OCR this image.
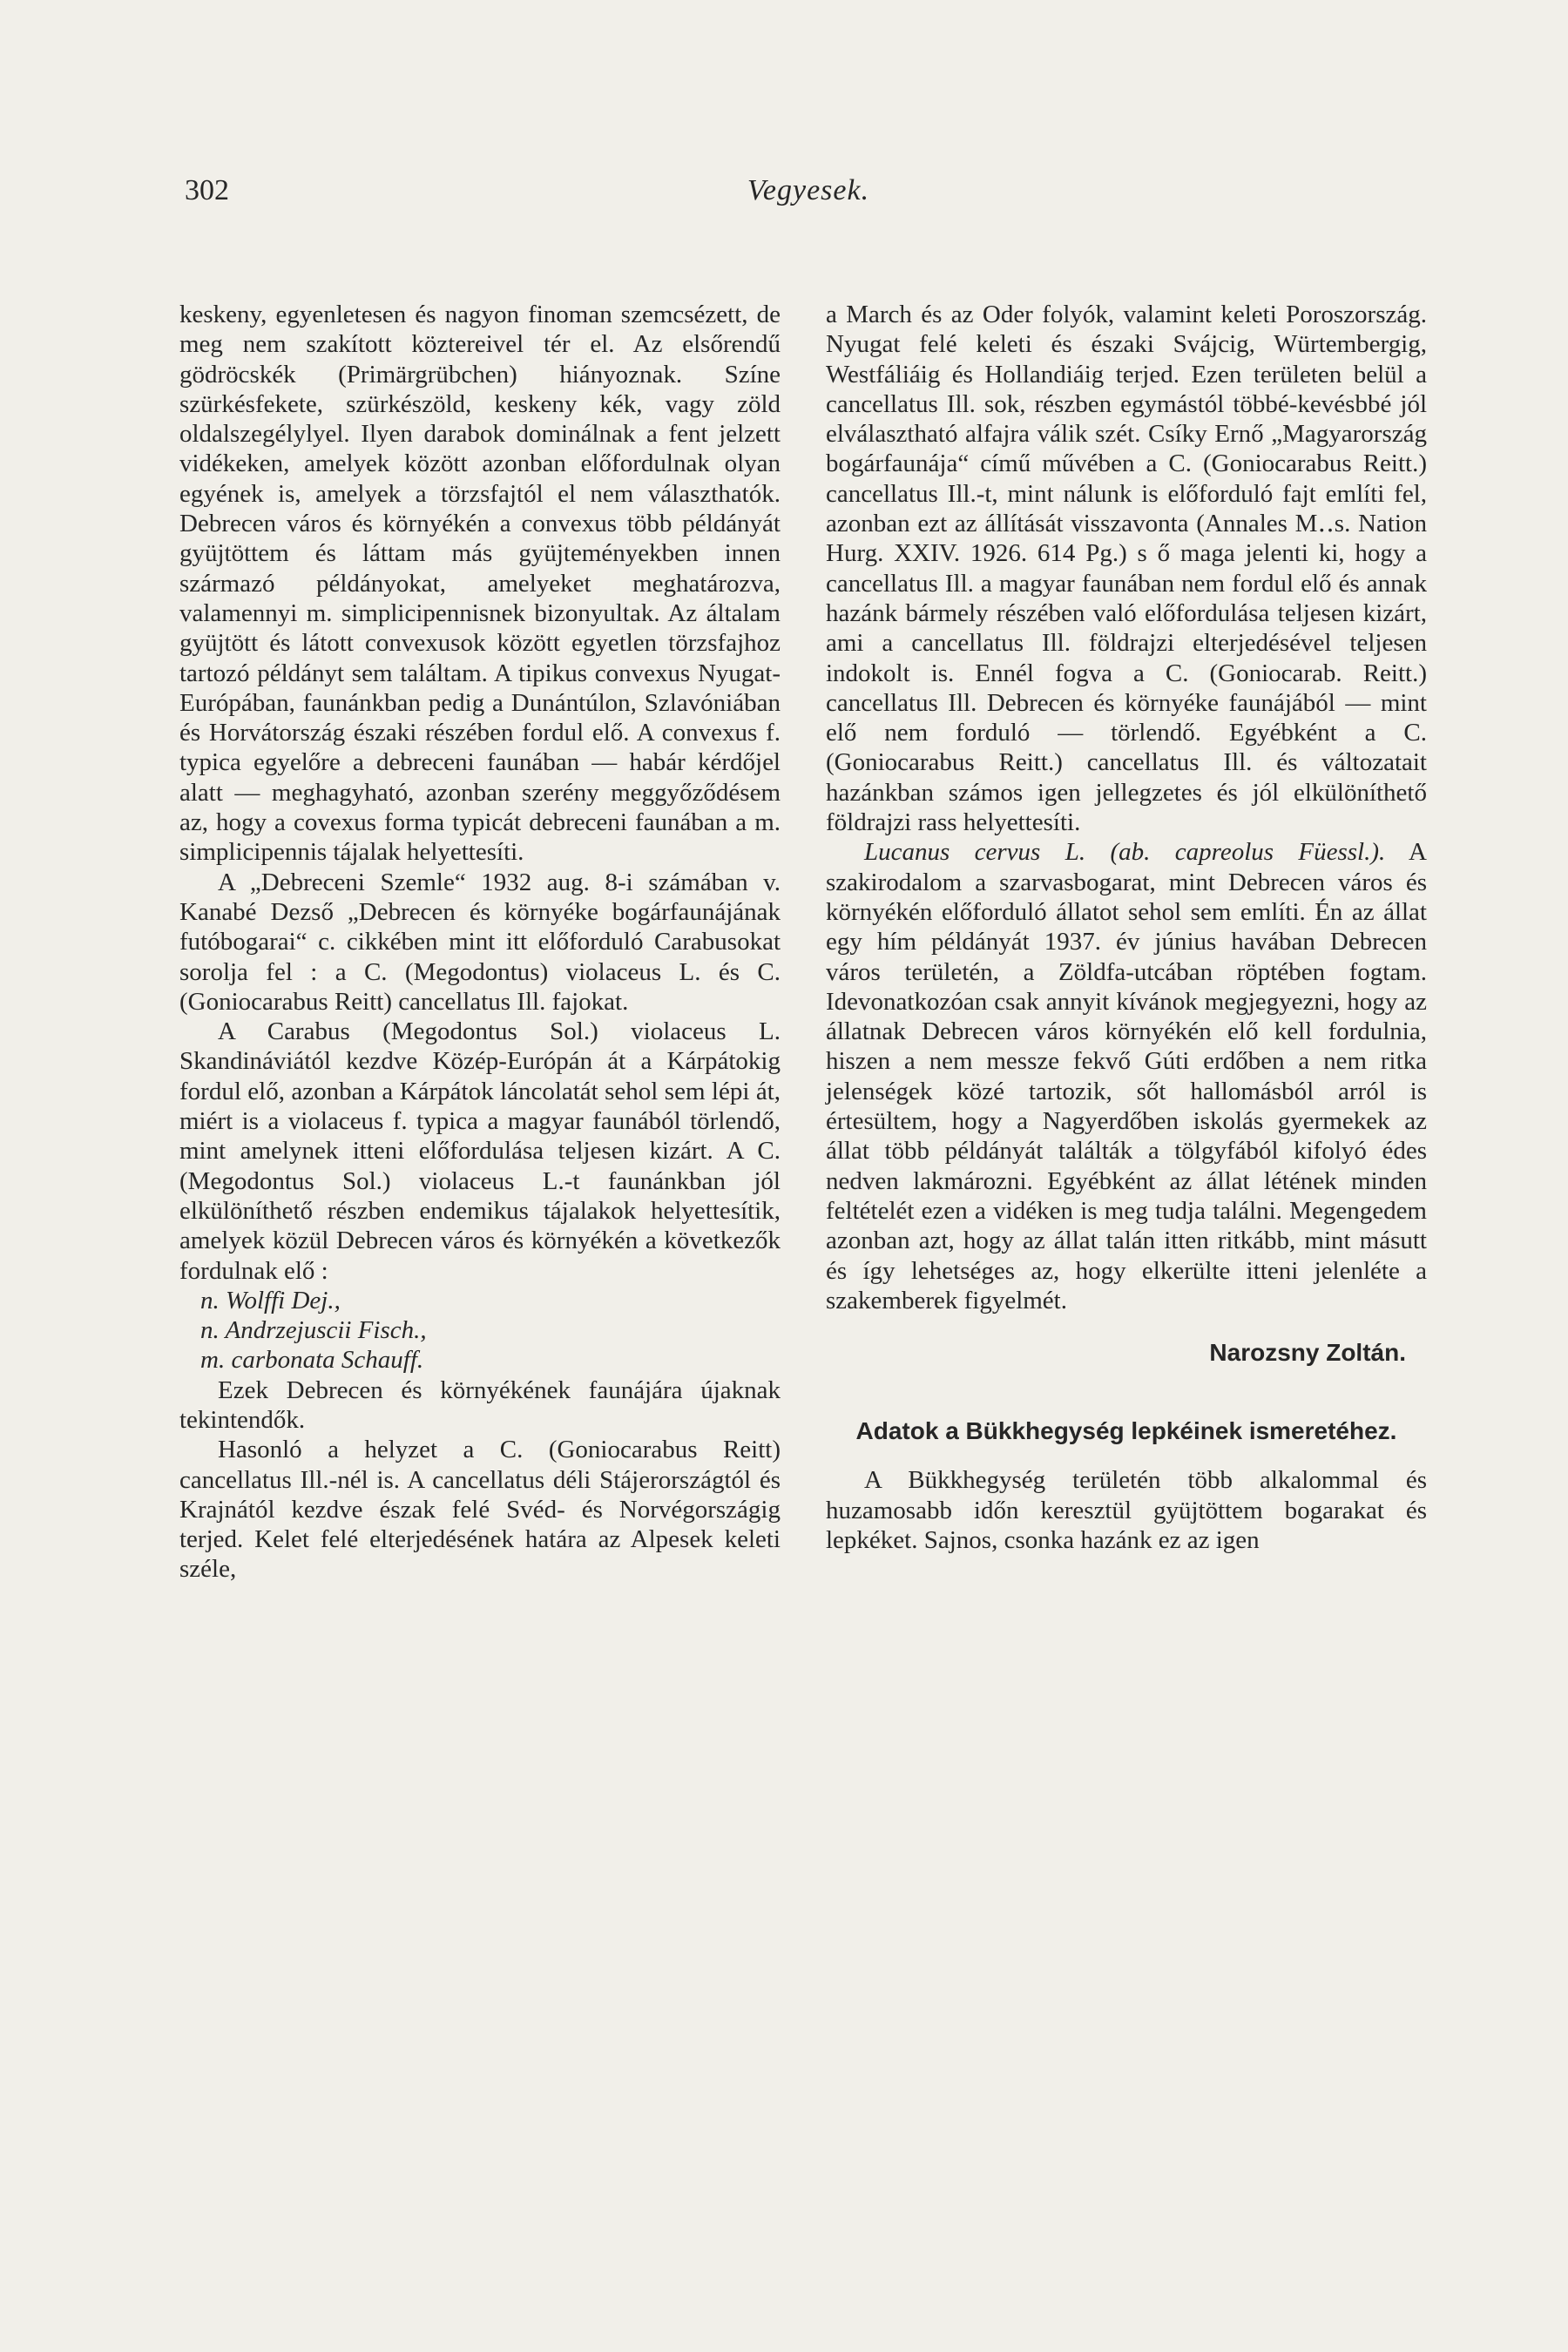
302	Vegyesek.

keskeny, egyenletesen és nagyon finoman szemcsézett, de meg nem szakított köztereivel tér el. Az elsőrendű gödröcskék (Primärgrübchen) hiányoznak. Színe szürkésfekete, szürkészöld, keskeny kék, vagy zöld oldalszegélylyel. Ilyen darabok dominálnak a fent jelzett vidékeken, amelyek között azonban előfordulnak olyan egyének is, amelyek a törzsfajtól el nem választhatók. Debrecen város és környékén a convexus több példányát gyüjtöttem és láttam más gyüjteményekben innen származó példányokat, amelyeket meghatározva, valamennyi m. simplicipennisnek bizonyultak. Az általam gyüjtött és látott convexusok között egyetlen törzsfajhoz tartozó példányt sem találtam. A tipikus convexus Nyugat-Európában, faunánkban pedig a Dunántúlon, Szlavóniában és Horvátország északi részében fordul elő. A convexus f. typica egyelőre a debreceni faunában — habár kérdőjel alatt — meghagyható, azonban szerény meggyőződésem az, hogy a covexus forma typicát debreceni faunában a m. simplicipennis tájalak helyettesíti.

A „Debreceni Szemle“ 1932 aug. 8-i számában v. Kanabé Dezső „Debrecen és környéke bogárfaunájának futóbogarai“ c. cikkében mint itt előforduló Carabusokat sorolja fel : a C. (Megodontus) violaceus L. és C. (Goniocarabus Reitt) cancellatus Ill. fajokat.

A Carabus (Megodontus Sol.) violaceus L. Skandináviától kezdve Közép-Európán át a Kárpátokig fordul elő, azonban a Kárpátok láncolatát sehol sem lépi át, miért is a violaceus f. typica a magyar faunából törlendő, mint amelynek itteni előfordulása teljesen kizárt. A C. (Megodontus Sol.) violaceus L.-t faunánkban jól elkülöníthető részben endemikus tájalakok helyettesítik, amelyek közül Debrecen város és környékén a következők fordulnak elő :

n. Wolffi Dej.,

n. Andrzejuscii Fisch.,

m. carbonata Schauff.

Ezek Debrecen és környékének faunájára újaknak tekintendők.

Hasonló a helyzet a C. (Goniocarabus Reitt) cancellatus Ill.-nél is. A cancellatus déli Stájerországtól és Krajnától kezdve észak felé Svéd- és Norvégországig terjed. Kelet felé elterjedésének határa az Alpesek keleti széle,

a March és az Oder folyók, valamint keleti Poroszország. Nyugat felé keleti és északi Svájcig, Würtembergig, Westfáliáig és Hollandiáig terjed. Ezen területen belül a cancellatus Ill. sok, részben egymástól többé-kevésbbé jól elválasztható alfajra válik szét. Csíky Ernő „Magyarország bogárfaunája“ című művében a C. (Goniocarabus Reitt.) cancellatus Ill.-t, mint nálunk is előforduló fajt említi fel, azonban ezt az állítását visszavonta (Annales M‥s. Nation Hurg. XXIV. 1926. 614 Pg.) s ő maga jelenti ki, hogy a cancellatus Ill. a magyar faunában nem fordul elő és annak hazánk bármely részében való előfordulása teljesen kizárt, ami a cancellatus Ill. földrajzi elterjedésével teljesen indokolt is. Ennél fogva a C. (Goniocarab. Reitt.) cancellatus Ill. Debrecen és környéke faunájából — mint elő nem forduló — törlendő. Egyébként a C. (Goniocarabus Reitt.) cancellatus Ill. és változatait hazánkban számos igen jellegzetes és jól elkülöníthető földrajzi rass helyettesíti.

Lucanus cervus L. (ab. capreolus Füessl.). A szakirodalom a szarvasbogarat, mint Debrecen város és környékén előforduló állatot sehol sem említi. Én az állat egy hím példányát 1937. év június havában Debrecen város területén, a Zöldfa-utcában röptében fogtam. Idevonatkozóan csak annyit kívánok megjegyezni, hogy az állatnak Debrecen város környékén elő kell fordulnia, hiszen a nem messze fekvő Gúti erdőben a nem ritka jelenségek közé tartozik, sőt hallomásból arról is értesültem, hogy a Nagyerdőben iskolás gyermekek az állat több példányát találták a tölgyfából kifolyó édes nedven lakmározni. Egyébként az állat létének minden feltételét ezen a vidéken is meg tudja találni. Megengedem azonban azt, hogy az állat talán itten ritkább, mint másutt és így lehetséges az, hogy elkerülte itteni jelenléte a szakemberek figyelmét.

Narozsny Zoltán.

Adatok a Bükkhegység lepkéinek ismeretéhez.

A Bükkhegység területén több alkalommal és huzamosabb időn keresztül gyüjtöttem bogarakat és lepkéket. Sajnos, csonka hazánk ez az igen
